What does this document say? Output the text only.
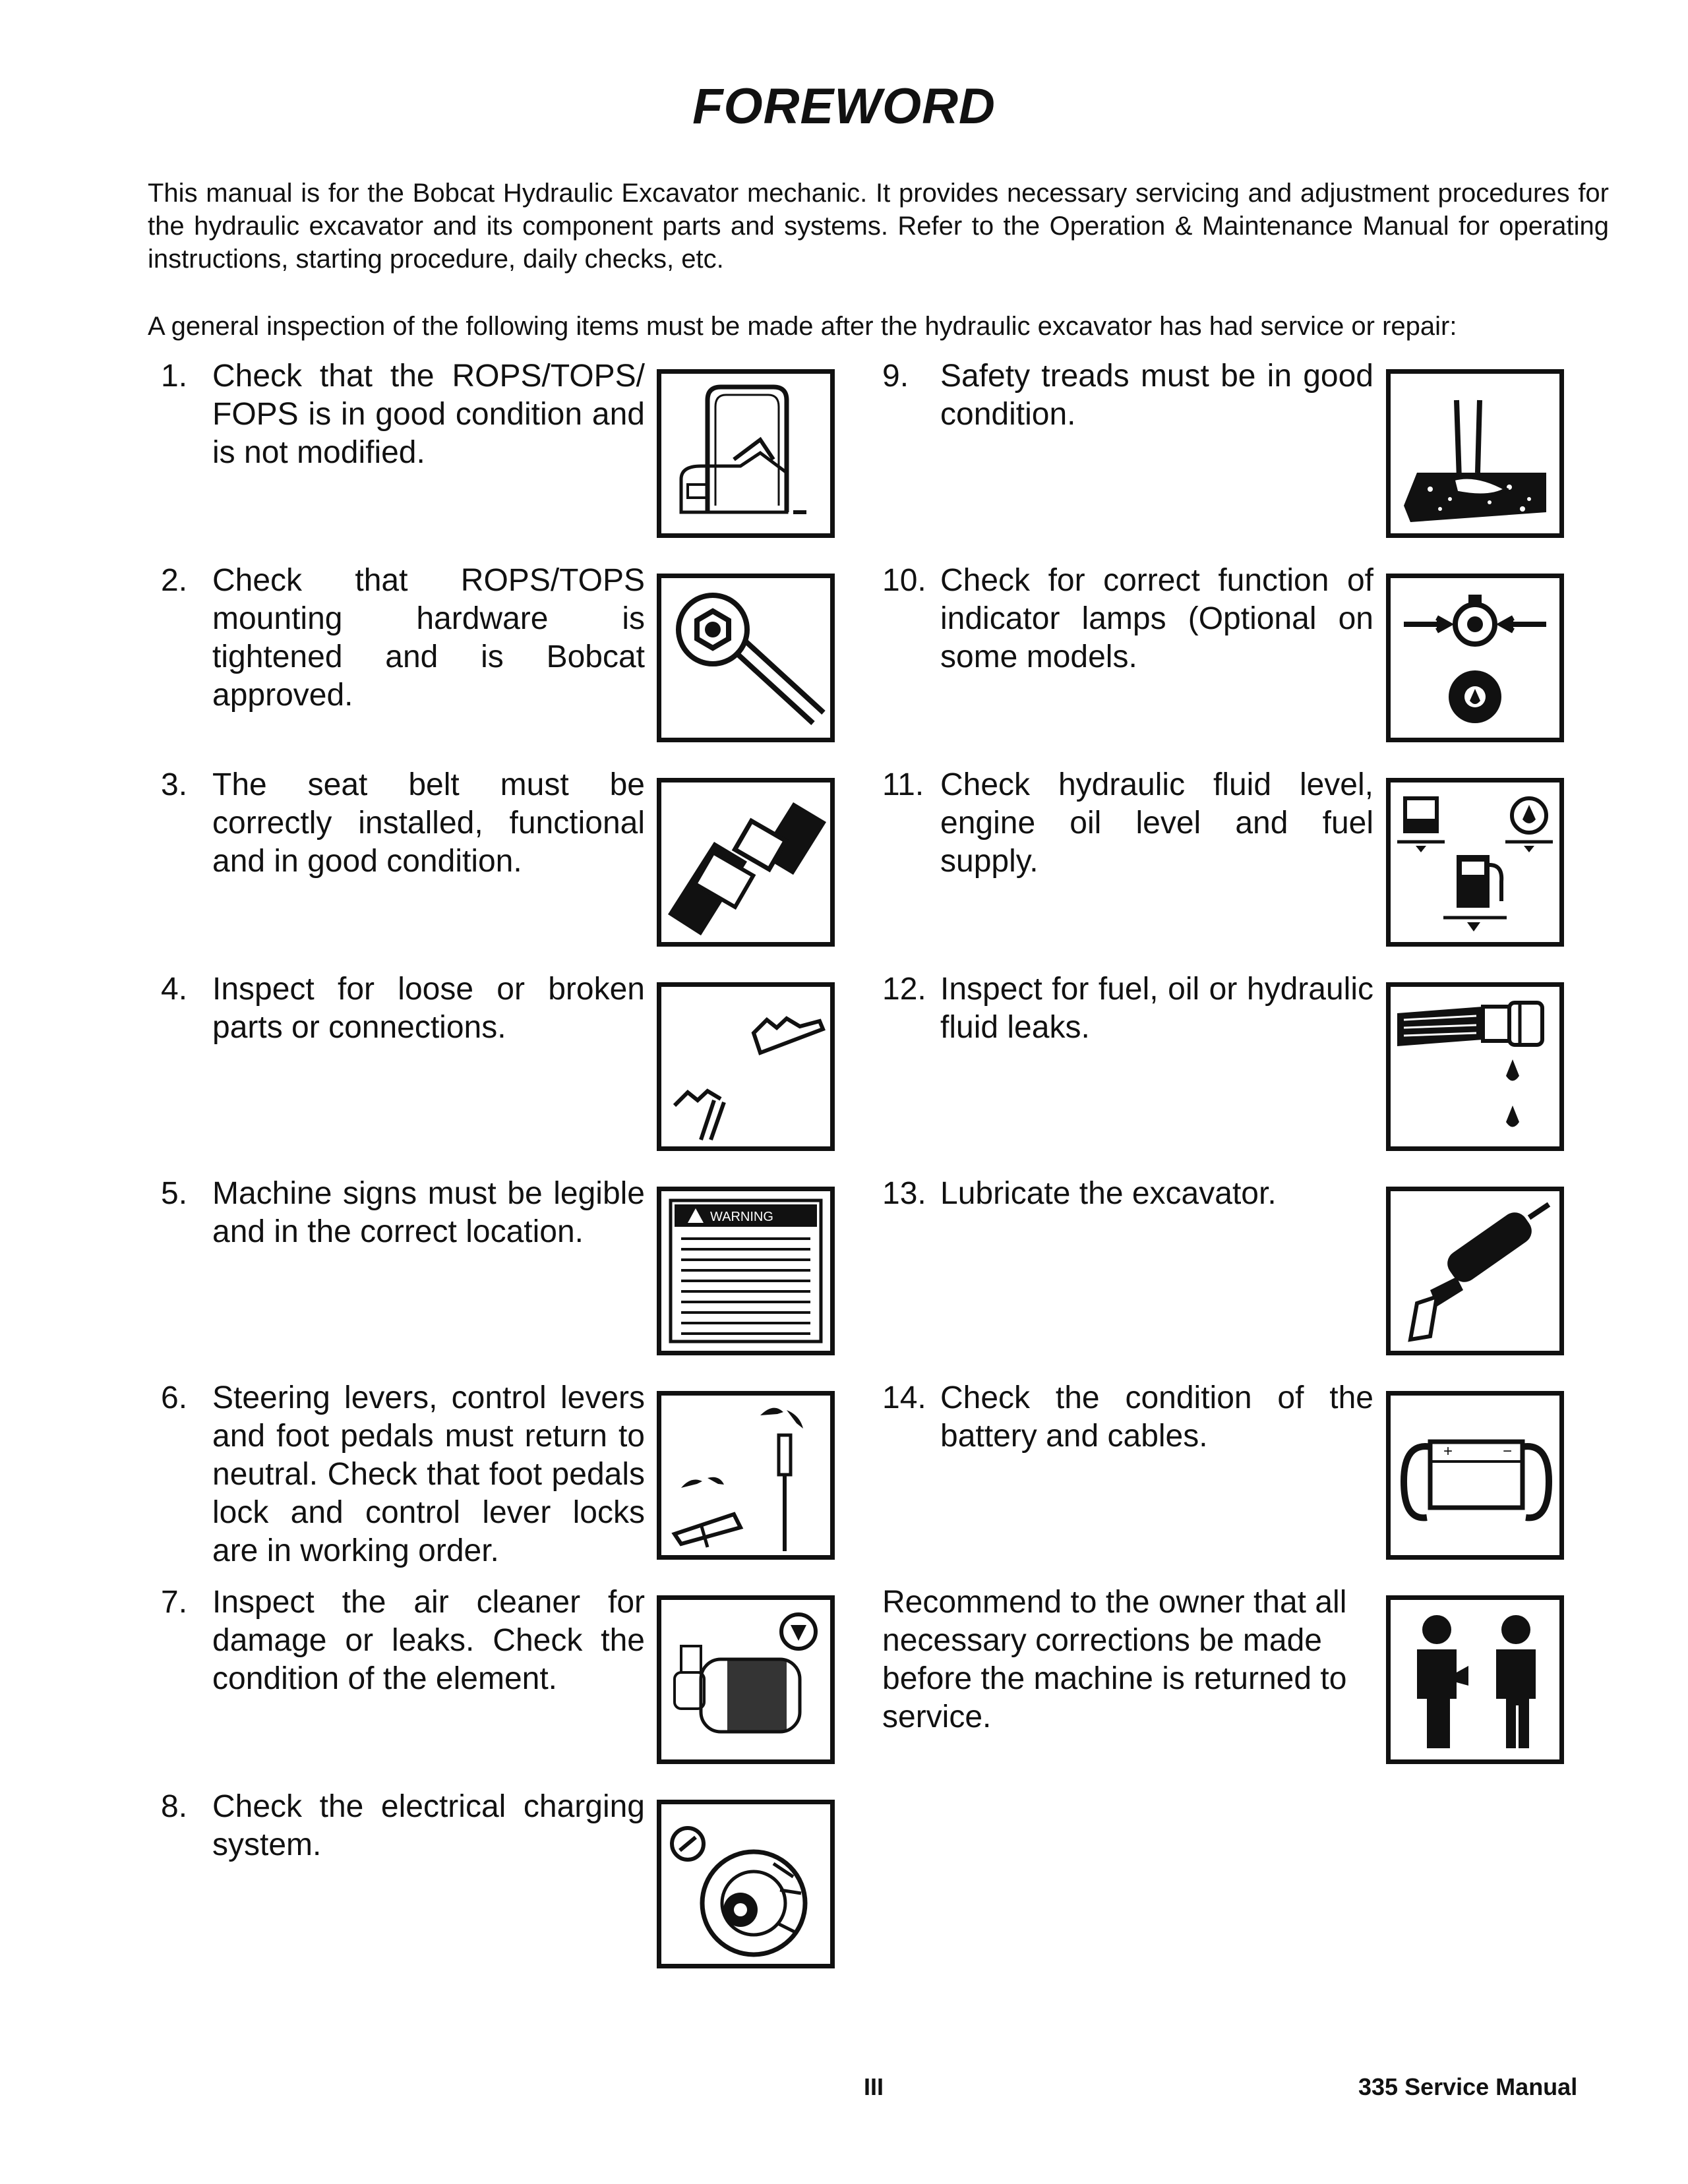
FOREWORD

This manual is for the Bobcat Hydraulic Excavator mechanic. It provides necessary servicing and adjustment procedures for the hydraulic excavator and its component parts and systems. Refer to the Operation & Maintenance Manual for operating instructions, starting procedure, daily checks, etc.

A general inspection of the following items must be made after the hydraulic excavator has had service or repair:

1. Check that the ROPS/TOPS/ FOPS is in good condition and is not modified.
2. Check that ROPS/TOPS mounting hardware is tightened and is Bobcat approved.
3. The seat belt must be correctly installed, functional and in good condition.
4. Inspect for loose or broken parts or connections.
5. Machine signs must be legible and in the correct location.	WARNING
6. Steering levers, control levers and foot pedals must return to neutral. Check that foot pedals lock and control lever locks are in working order.
7. Inspect the air cleaner for damage or leaks. Check the condition of the element.
8. Check the electrical charging system.
9. Safety treads must be in good condition.
10. Check for correct function of indicator lamps (Optional on some models.
11. Check hydraulic fluid level, engine oil level and fuel supply.
12. Inspect for fuel, oil or hydraulic fluid leaks.
13. Lubricate the excavator.
14. Check the condition of the battery and cables.	+	−
Recommend to the owner that all necessary corrections be made before the machine is returned to service.
III	335 Service Manual
